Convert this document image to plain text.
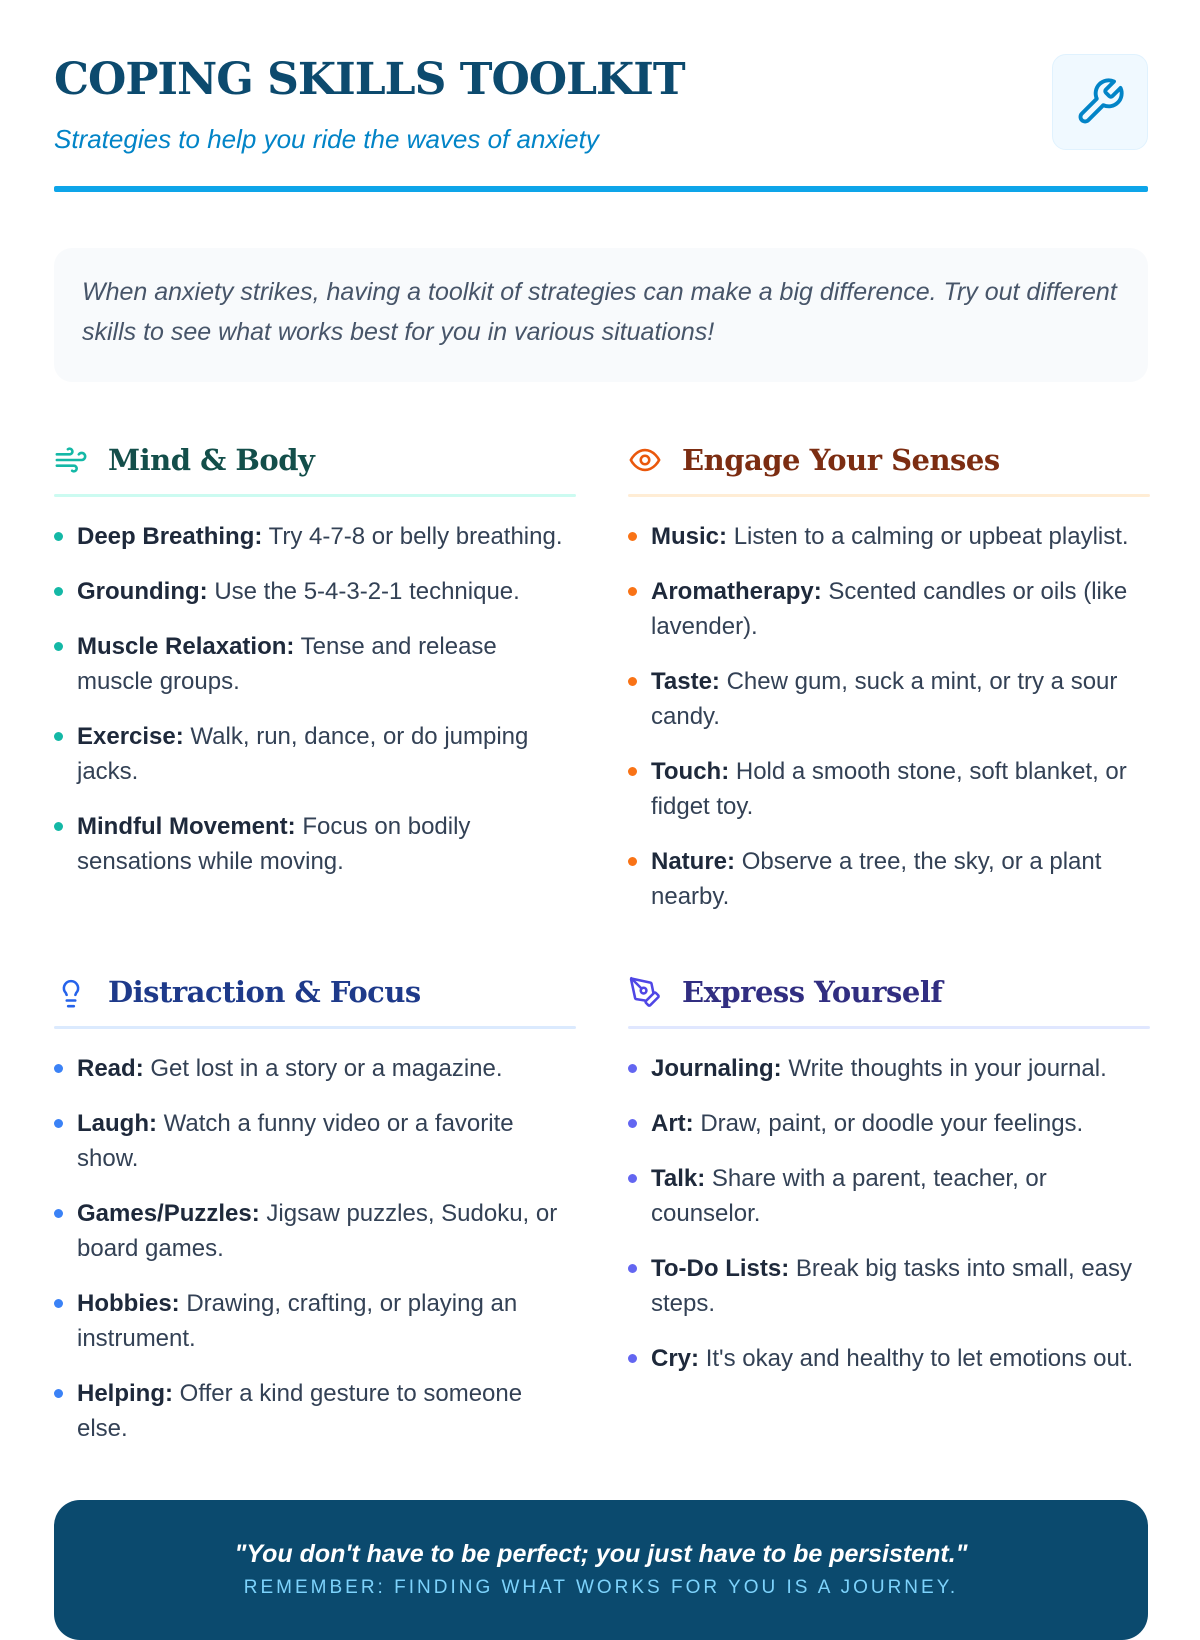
COPING SKILLS TOOLKIT

Strategies to help you ride the waves of anxiety

When anxiety strikes, having a toolkit of strategies can make a big difference. Try out different skills to see what works best for you in various situations!

Mind & Body
Deep Breathing: Try 4-7-8 or belly breathing.
Grounding: Use the 5-4-3-2-1 technique.
Muscle Relaxation: Tense and release muscle groups.
Exercise: Walk, run, dance, or do jumping jacks.
Mindful Movement: Focus on bodily sensations while moving.
Engage Your Senses
Music: Listen to a calming or upbeat playlist.
Aromatherapy: Scented candles or oils (like lavender).
Taste: Chew gum, suck a mint, or try a sour candy.
Touch: Hold a smooth stone, soft blanket, or fidget toy.
Nature: Observe a tree, the sky, or a plant nearby.
Distraction & Focus
Read: Get lost in a story or a magazine.
Laugh: Watch a funny video or a favorite show.
Games/Puzzles: Jigsaw puzzles, Sudoku, or board games.
Hobbies: Drawing, crafting, or playing an instrument.
Helping: Offer a kind gesture to someone else.
Express Yourself
Journaling: Write thoughts in your journal.
Art: Draw, paint, or doodle your feelings.
Talk: Share with a parent, teacher, or counselor.
To-Do Lists: Break big tasks into small, easy steps.
Cry: It's okay and healthy to let emotions out.

"You don't have to be perfect; you just have to be persistent."

REMEMBER: FINDING WHAT WORKS FOR YOU IS A JOURNEY.
